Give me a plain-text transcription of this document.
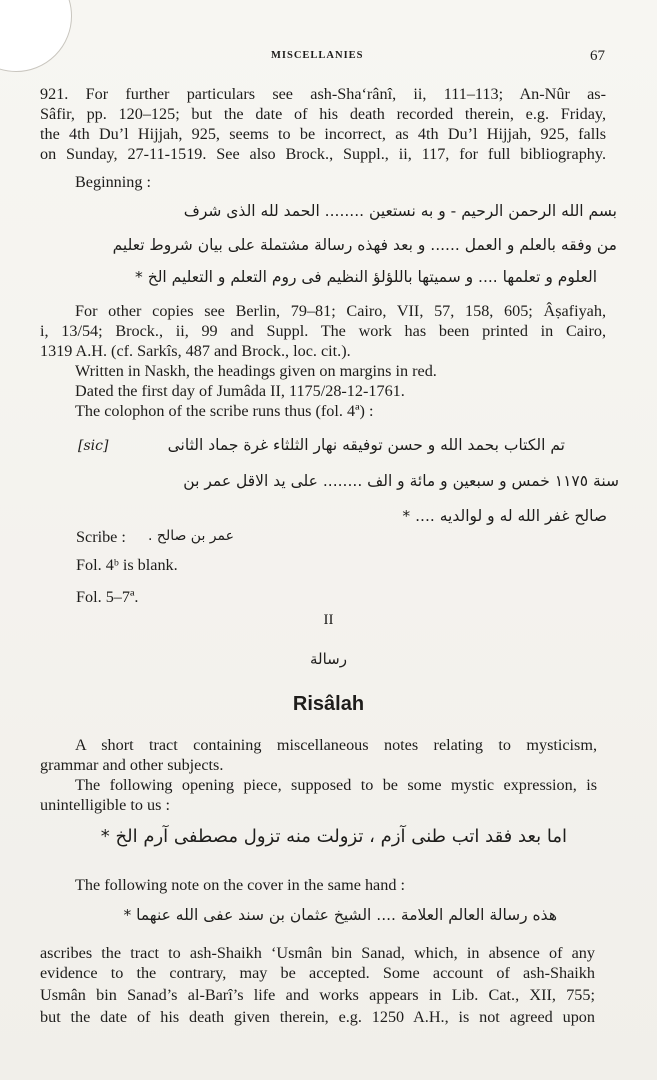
MISCELLANIES	67
921. For further particulars see ash-Sha‘rânî, ii, 111–113; An-Nûr as-
Sâfir, pp. 120–125; but the date of his death recorded therein, e.g. Friday,
the 4th Du’l Hijjah, 925, seems to be incorrect, as 4th Du’l Hijjah, 925, falls
on Sunday, 27-11-1519. See also Brock., Suppl., ii, 117, for full bibliography.
Beginning :
بسم الله الرحمن الرحيم - و به نستعين ........ الحمد لله الذى شرف
من وفقه بالعلم و العمل ...... و بعد فهذه رسالة مشتملة على بيان شروط تعليم
العلوم و تعلمها .... و سميتها باللؤلؤ النظيم فى روم التعلم و التعليم الخ *
For other copies see Berlin, 79–81; Cairo, VII, 57, 158, 605; Âṣafiyah,
i, 13/54; Brock., ii, 99 and Suppl. The work has been printed in Cairo,
1319 A.H. (cf. Sarkîs, 487 and Brock., loc. cit.).
Written in Naskh, the headings given on margins in red.
Dated the first day of Jumâda II, 1175/28-12-1761.
The colophon of the scribe runs thus (fol. 4ª) :
[sic]	تم الكتاب بحمد الله و حسن توفيقه نهار الثلثاء غرة جماد الثانى
سنة ١١٧٥ خمس و سبعين و مائة و الف ........ على يد الاقل عمر بن
صالح غفر الله له و لوالديه .... *
Scribe : عمر بن صالح .
Fol. 4ᵇ is blank.
Fol. 5–7ª.
II
رسالة
Risâlah
A short tract containing miscellaneous notes relating to mysticism,
grammar and other subjects.
The following opening piece, supposed to be some mystic expression, is
unintelligible to us :
اما بعد فقد اتب طنى آزم ، تزولت منه تزول مصطفى آرم الخ *
The following note on the cover in the same hand :
هذه رسالة العالم العلامة .... الشيخ عثمان بن سند عفى الله عنهما *
ascribes the tract to ash-Shaikh ‘Usmân bin Sanad, which, in absence of any
evidence to the contrary, may be accepted. Some account of ash-Shaikh
Usmân bin Sanad’s al-Barî’s life and works appears in Lib. Cat., XII, 755;
but the date of his death given therein, e.g. 1250 A.H., is not agreed upon
